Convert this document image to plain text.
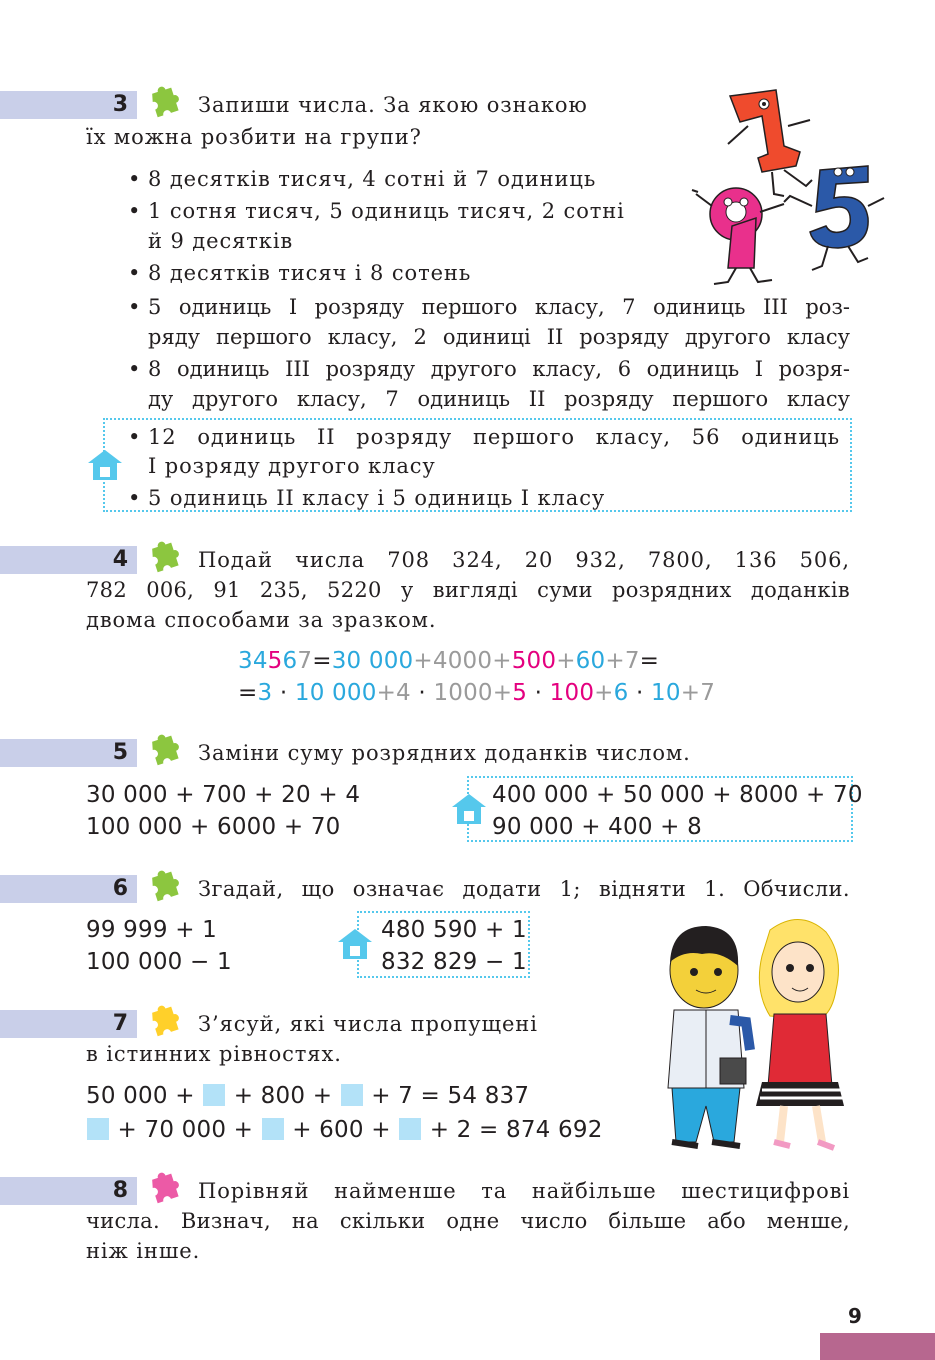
3	Запиши числа. За якою ознакою
їх можна розбити на групи?
• 8 десятків тисяч, 4 сотні й 7 одиниць
• 1 сотня тисяч, 5 одиниць тисяч, 2 сотні
й 9 десятків
• 8 десятків тисяч і 8 сотень
• 5 одиниць I розряду першого класу, 7 одиниць III роз-
ряду першого класу, 2 одиниці II розряду другого класу
• 8 одиниць III розряду другого класу, 6 одиниць I розря-
ду другого класу, 7 одиниць II розряду першого класу
• 12 одиниць II розряду першого класу, 56 одиниць
I розряду другого класу
• 5 одиниць II класу і 5 одиниць I класу
4	Подай числа 708 324, 20 932, 7800, 136 506,
782 006, 91 235, 5220 у вигляді суми розрядних доданків
двома способами за зразком.
34567=30 000+4000+500+60+7=
=3 · 10 000+4 · 1000+5 · 100+6 · 10+7
5	Заміни суму розрядних доданків числом.
30 000 + 700 + 20 + 4
100 000 + 6000 + 70
400 000 + 50 000 + 8000 + 70
90 000 + 400 + 8
6	Згадай, що означає додати 1; відняти 1. Обчисли.
99 999 + 1
100 000 − 1
480 590 + 1
832 829 − 1
7	З’ясуй, які числа пропущені
в істинних рівностях.
50 000 + + 800 + + 7 = 54 837
+ 70 000 + + 600 + + 2 = 874 692
8	Порівняй найменше та найбільше шестицифрові
числа. Визнач, на скільки одне число більше або менше,
ніж інше.
9
